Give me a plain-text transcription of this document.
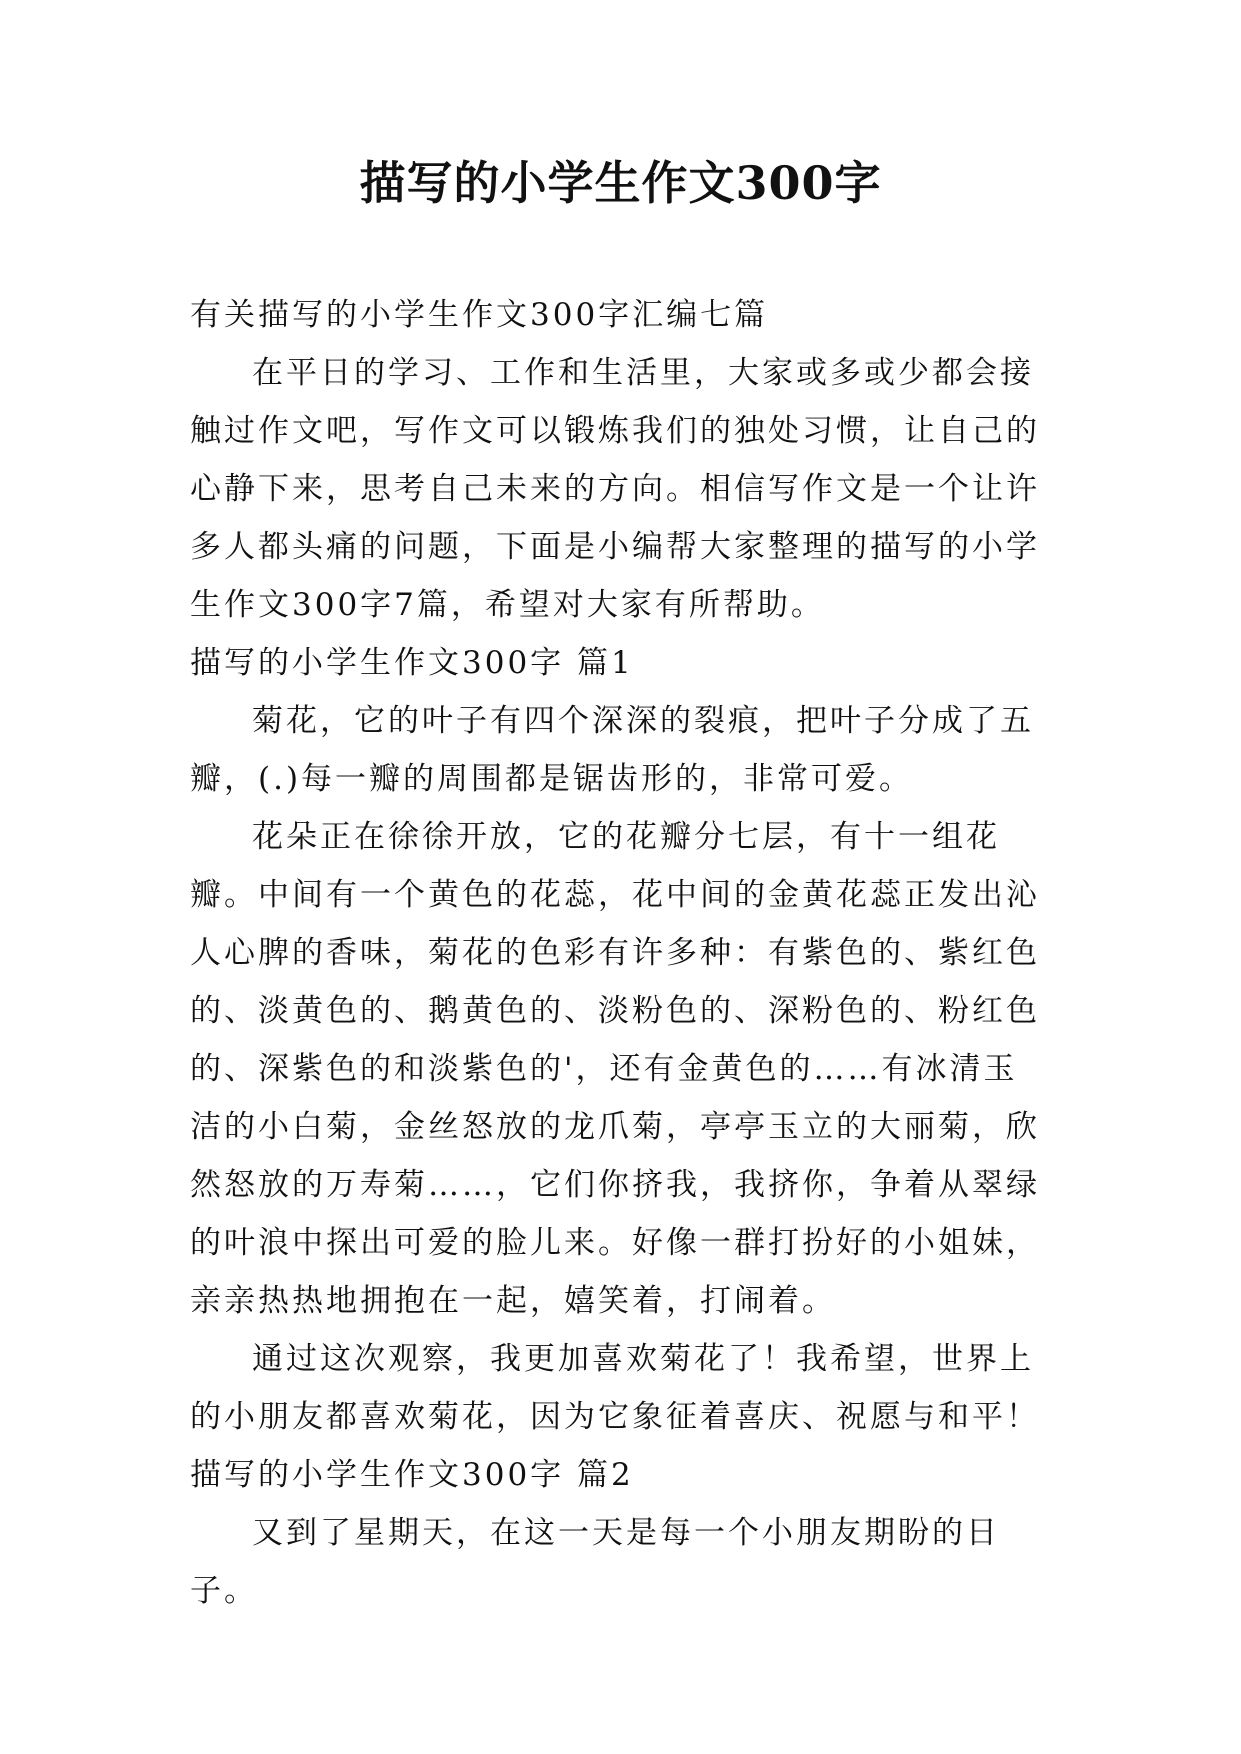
描写的小学生作文300字

有关描写的小学生作文300字汇编七篇

在平日的学习、工作和生活里，大家或多或少都会接触过作文吧，写作文可以锻炼我们的独处习惯，让自己的心静下来，思考自己未来的方向。相信写作文是一个让许多人都头痛的问题，下面是小编帮大家整理的描写的小学生作文300字7篇，希望对大家有所帮助。

描写的小学生作文300字 篇1

菊花，它的叶子有四个深深的裂痕，把叶子分成了五瓣，(.)每一瓣的周围都是锯齿形的，非常可爱。

花朵正在徐徐开放，它的花瓣分七层，有十一组花瓣。中间有一个黄色的花蕊，花中间的金黄花蕊正发出沁人心脾的香味，菊花的色彩有许多种：有紫色的、紫红色的、淡黄色的、鹅黄色的、淡粉色的、深粉色的、粉红色的、深紫色的和淡紫色的'，还有金黄色的……有冰清玉洁的小白菊，金丝怒放的龙爪菊，亭亭玉立的大丽菊，欣然怒放的万寿菊……，它们你挤我，我挤你，争着从翠绿的叶浪中探出可爱的脸儿来。好像一群打扮好的小姐妹，亲亲热热地拥抱在一起，嬉笑着，打闹着。

通过这次观察，我更加喜欢菊花了！我希望，世界上的小朋友都喜欢菊花，因为它象征着喜庆、祝愿与和平！

描写的小学生作文300字 篇2

又到了星期天，在这一天是每一个小朋友期盼的日子。
